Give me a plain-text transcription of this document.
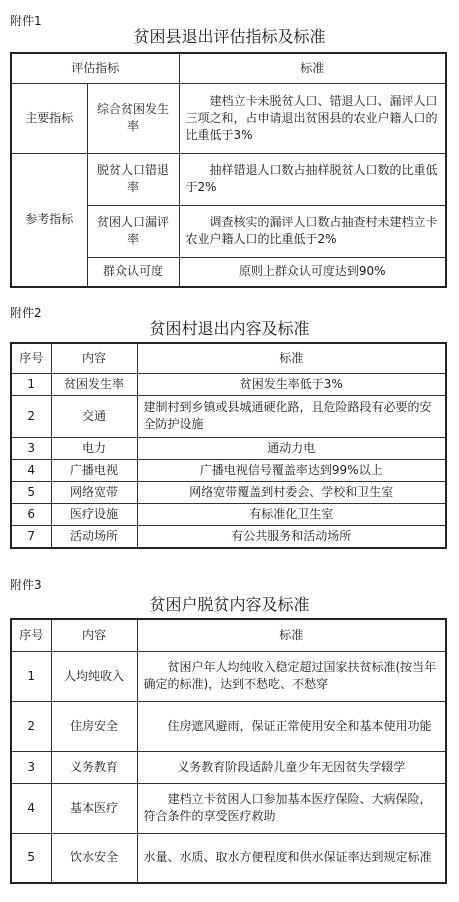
附件1
贫困县退出评估指标及标准
评估指标		标准
主要指标	综合贫困发生率	建档立卡未脱贫人口、错退人口、漏评人口三项之和，占申请退出贫困县的农业户籍人口的比重低于3%
参考指标	脱贫人口错退率	抽样错退人口数占抽样脱贫人口数的比重低于2%
	贫困人口漏评率	调查核实的漏评人口数占抽查村未建档立卡农业户籍人口的比重低于2%
	群众认可度	原则上群众认可度达到90%
附件2
贫困村退出内容及标准
序号	内容	标准
1	贫困发生率	贫困发生率低于3%
2	交通	建制村到乡镇或县城通硬化路，且危险路段有必要的安全防护设施
3	电力	通动力电
4	广播电视	广播电视信号覆盖率达到99%以上
5	网络宽带	网络宽带覆盖到村委会、学校和卫生室
6	医疗设施	有标准化卫生室
7	活动场所	有公共服务和活动场所
附件3
贫困户脱贫内容及标准
序号	内容	标准
1	人均纯收入	贫困户年人均纯收入稳定超过国家扶贫标准(按当年确定的标准)，达到不愁吃、不愁穿
2	住房安全	住房遮风避雨，保证正常使用安全和基本使用功能
3	义务教育	义务教育阶段适龄儿童少年无因贫失学辍学
4	基本医疗	建档立卡贫困人口参加基本医疗保险、大病保险，符合条件的享受医疗救助
5	饮水安全	水量、水质、取水方便程度和供水保证率达到规定标准
